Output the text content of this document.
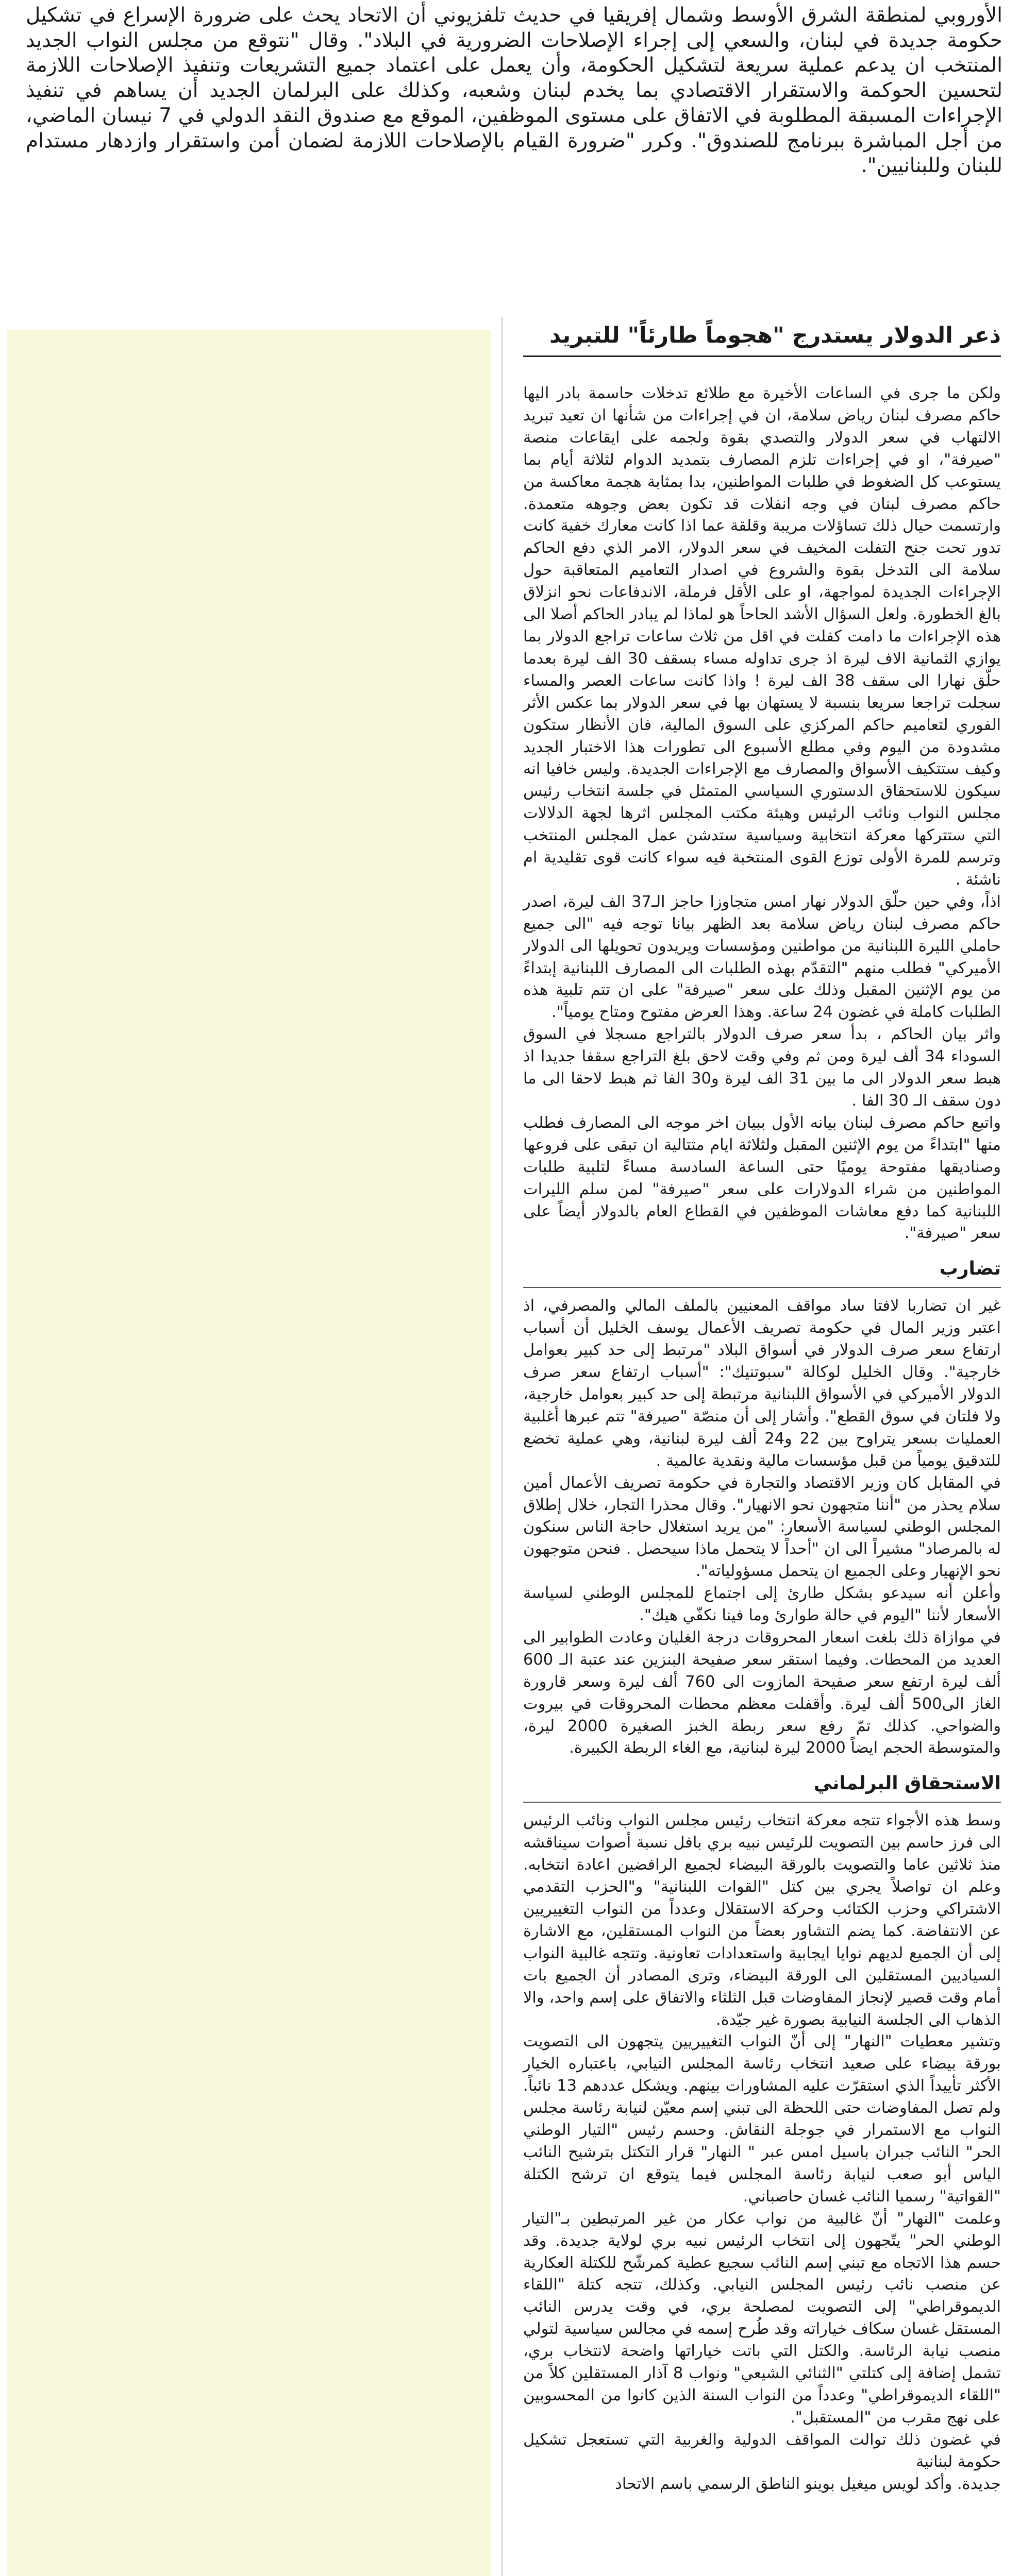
الأوروبي لمنطقة الشرق الأوسط وشمال إفريقيا في حديث تلفزيوني أن الاتحاد يحث على ضرورة الإسراع في تشكيل حكومة جديدة في لبنان، والسعي إلى إجراء الإصلاحات الضرورية في البلاد". وقال "نتوقع من مجلس النواب الجديد المنتخب ان يدعم عملية سريعة لتشكيل الحكومة، وأن يعمل على اعتماد جميع التشريعات وتنفيذ الإصلاحات اللازمة لتحسين الحوكمة والاستقرار الاقتصادي بما يخدم لبنان وشعبه، وكذلك على البرلمان الجديد أن يساهم في تنفيذ الإجراءات المسبقة المطلوبة في الاتفاق على مستوى الموظفين، الموقع مع صندوق النقد الدولي في 7 نيسان الماضي، من أجل المباشرة ببرنامج للصندوق". وكرر "ضرورة القيام بالإصلاحات اللازمة لضمان أمن واستقرار وازدهار مستدام للبنان وللبنانيين".
ذعر الدولار يستدرج "هجوماً طارئاً" للتبريد

ولكن ما جرى في الساعات الأخيرة مع طلائع تدخلات حاسمة بادر اليها حاكم مصرف لبنان رياض سلامة، ان في إجراءات من شأنها ان تعيد تبريد الالتهاب في سعر الدولار والتصدي بقوة ولجمه على ايقاعات منصة "صيرفة"، او في إجراءات تلزم المصارف بتمديد الدوام لثلاثة أيام بما يستوعب كل الضغوط في طلبات المواطنين، بدا بمثابة هجمة معاكسة من حاكم مصرف لبنان في وجه انفلات قد تكون بعض وجوهه متعمدة. وارتسمت حيال ذلك تساؤلات مريبة وقلقة عما اذا كانت معارك خفية كانت تدور تحت جنح التفلت المخيف في سعر الدولار، الامر الذي دفع الحاكم سلامة الى التدخل بقوة والشروع في اصدار التعاميم المتعاقبة حول الإجراءات الجديدة لمواجهة، او على الأقل فرملة، الاندفاعات نحو انزلاق بالغ الخطورة. ولعل السؤال الأشد الحاحاً هو لماذا لم يبادر الحاكم أصلا الى هذه الإجراءات ما دامت كفلت في اقل من ثلاث ساعات تراجع الدولار بما يوازي الثمانية الاف ليرة اذ جرى تداوله مساء بسقف 30 الف ليرة بعدما حلّق نهارا الى سقف 38 الف ليرة ! واذا كانت ساعات العصر والمساء سجلت تراجعا سريعا بنسبة لا يستهان بها في سعر الدولار بما عكس الأثر الفوري لتعاميم حاكم المركزي على السوق المالية، فان الأنظار ستكون مشدودة من اليوم وفي مطلع الأسبوع الى تطورات هذا الاختبار الجديد وكيف ستتكيف الأسواق والمصارف مع الإجراءات الجديدة. وليس خافيا انه سيكون للاستحقاق الدستوري السياسي المتمثل في جلسة انتخاب رئيس مجلس النواب ونائب الرئيس وهيئة مكتب المجلس اثرها لجهة الدلالات التي ستتركها معركة انتخابية وسياسية ستدشن عمل المجلس المنتخب وترسم للمرة الأولى توزع القوى المنتخبة فيه سواء كانت قوى تقليدية ام ناشئة .

اذاً، وفي حين حلّق الدولار نهار امس متجاوزا حاجز الـ37 الف ليرة، اصدر حاكم مصرف لبنان رياض سلامة بعد الظهر بيانا توجه فيه "الى جميع حاملي الليرة اللبنانية من مواطنين ومؤسسات ويريدون تحويلها الى الدولار الأميركي" فطلب منهم "التقدّم بهذه الطلبات الى المصارف اللبنانية إبتداءً من يوم الإثنين المقبل وذلك على سعر "صيرفة" على ان تتم تلبية هذه الطلبات كاملة في غضون 24 ساعة. وهذا العرض مفتوح ومتاح يومياً".

واثر بيان الحاكم ، بدأ سعر صرف الدولار بالتراجع مسجلا في السوق السوداء 34 ألف ليرة ومن ثم وفي وقت لاحق بلغ التراجع سقفا جديدا اذ هبط سعر الدولار الى ما بين 31 الف ليرة و30 الفا ثم هبط لاحقا الى ما دون سقف الـ 30 الفا .

واتبع حاكم مصرف لبنان بيانه الأول ببيان اخر موجه الى المصارف فطلب منها "ابتداءً من يوم الإثنين المقبل ولثلاثة ايام متتالية ان تبقى على فروعها وصناديقها مفتوحة يوميًا حتى الساعة السادسة مساءً لتلبية طلبات المواطنين من شراء الدولارات على سعر "صيرفة" لمن سلم الليرات اللبنانية كما دفع معاشات الموظفين في القطاع العام بالدولار أيضاً على سعر "صيرفة".

تضارب

غير ان تضاربا لافتا ساد مواقف المعنيين بالملف المالي والمصرفي، اذ اعتبر وزير المال في حكومة تصريف الأعمال يوسف الخليل أن أسباب ارتفاع سعر صرف الدولار في أسواق البلاد "مرتبط إلى حد كبير بعوامل خارجية". وقال الخليل لوكالة "سبوتنيك": "أسباب ارتفاع سعر صرف الدولار الأميركي في الأسواق اللبنانية مرتبطة إلى حد كبير بعوامل خارجية، ولا فلتان في سوق القطع". وأشار إلى أن منصّة "صيرفة" تتم عبرها أغلبية العمليات بسعر يتراوح بين 22 و24 ألف ليرة لبنانية، وهي عملية تخضع للتدقيق يومياً من قبل مؤسسات مالية ونقدية عالمية .

في المقابل كان وزير الاقتصاد والتجارة في حكومة تصريف الأعمال أمين سلام يحذر من "أننا متجهون نحو الانهيار". وقال محذرا التجار، خلال إطلاق المجلس الوطني لسياسة الأسعار: "من يريد استغلال حاجة الناس سنكون له بالمرصاد" مشيراً الى ان "أحداً لا يتحمل ماذا سيحصل . فنحن متوجهون نحو الإنهيار وعلى الجميع ان يتحمل مسؤولياته".

وأعلن أنه سيدعو بشكل طارئ إلى اجتماع للمجلس الوطني لسياسة الأسعار لأننا "اليوم في حالة طوارئ وما فينا نكفّي هيك".

في موازاة ذلك بلغت اسعار المحروقات درجة الغليان وعادت الطوابير الى العديد من المحطات. وفيما استقر سعر صفيحة البنزين عند عتبة الـ 600 ألف ليرة ارتفع سعر صفيحة المازوت الى 760 ألف ليرة وسعر قارورة الغاز الى500 ألف ليرة. وأقفلت معظم محطات المحروقات في بيروت والضواحي. كذلك تمّ رفع سعر ربطة الخبز الصغيرة 2000 ليرة، والمتوسطة الحجم ايضاً 2000 ليرة لبنانية، مع الغاء الربطة الكبيرة.

الاستحقاق البرلماني

وسط هذه الأجواء تتجه معركة انتخاب رئيس مجلس النواب ونائب الرئيس الى فرز حاسم بين التصويت للرئيس نبيه بري بافل نسبة أصوات سيناقشه منذ ثلاثين عاما والتصويت بالورقة البيضاء لجميع الرافضين اعادة انتخابه. وعلم ان تواصلاً يجري بين كتل "القوات اللبنانية" و"الحزب التقدمي الاشتراكي وحزب الكتائب وحركة الاستقلال وعدداً من النواب التغييريين عن الانتفاضة. كما يضم التشاور بعضاً من النواب المستقلين، مع الاشارة إلى أن الجميع لديهم نوايا ايجابية واستعدادات تعاونية. وتتجه غالبية النواب السياديين المستقلين الى الورقة البيضاء، وترى المصادر أن الجميع بات أمام وقت قصير لإنجاز المفاوضات قبل الثلثاء والاتفاق على إسم واحد، والا الذهاب الى الجلسة النيابية بصورة غير جيّدة.

وتشير معطيات "النهار" إلى أنّ النواب التغييريين يتجهون الى التصويت بورقة بيضاء على صعيد انتخاب رئاسة المجلس النيابي، باعتباره الخيار الأكثر تأييداً الذي استقرّت عليه المشاورات بينهم. ويشكل عددهم 13 نائباً. ولم تصل المفاوضات حتى اللحظة الى تبني إسم معيّن لنيابة رئاسة مجلس النواب مع الاستمرار في جوجلة النقاش. وحسم رئيس "التيار الوطني الحر" النائب جبران باسيل امس عبر " النهار" قرار التكتل بترشيح النائب الياس أبو صعب لنيابة رئاسة المجلس فيما يتوقع ان ترشح الكتلة "القواتية" رسميا النائب غسان حاصباني.

وعلمت "النهار" أنّ غالبية من نواب عكار من غير المرتبطين بـ"التيار الوطني الحر" يتّجهون إلى انتخاب الرئيس نبيه بري لولاية جديدة. وقد حسم هذا الاتجاه مع تبني إسم النائب سجيع عطية كمرشّح للكتلة العكارية عن منصب نائب رئيس المجلس النيابي. وكذلك، تتجه كتلة "اللقاء الديموقراطي" إلى التصويت لمصلحة بري، في وقت يدرس النائب المستقل غسان سكاف خياراته وقد طُرح إسمه في مجالس سياسية لتولي منصب نيابة الرئاسة. والكتل التي باتت خياراتها واضحة لانتخاب بري، تشمل إضافة إلى كتلتي "الثنائي الشيعي" ونواب 8 آذار المستقلين كلاً من "اللقاء الديموقراطي" وعدداً من النواب السنة الذين كانوا من المحسوبين على نهج مقرب من "المستقبل".

في غضون ذلك توالت المواقف الدولية والغربية التي تستعجل تشكيل حكومة لبنانية

جديدة. وأكد لويس ميغيل بوينو الناطق الرسمي باسم الاتحاد
